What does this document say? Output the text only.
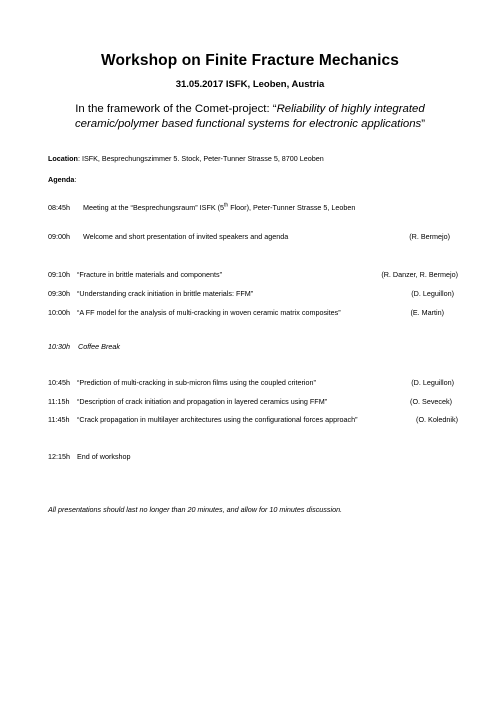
Workshop on Finite Fracture Mechanics
31.05.2017 ISFK, Leoben, Austria
In the framework of the Comet-project: “Reliability of highly integrated ceramic/polymer based functional systems for electronic applications”
Location: ISFK, Besprechungszimmer 5. Stock, Peter-Tunner Strasse 5, 8700 Leoben
Agenda:
08:45h Meeting at the “Besprechungsraum” ISFK (5th Floor), Peter-Tunner Strasse 5, Leoben
09:00h Welcome and short presentation of invited speakers and agenda	(R. Bermejo)
09:10h “Fracture in brittle materials and components”	(R. Danzer, R. Bermejo)
09:30h “Understanding crack initiation in brittle materials: FFM”	(D. Leguillon)
10:00h “A FF model for the analysis of multi-cracking in woven ceramic matrix composites”	(E. Martin)
10:30h Coffee Break
10:45h “Prediction of multi-cracking in sub-micron films using the coupled criterion”	(D. Leguillon)
11:15h “Description of crack initiation and propagation in layered ceramics using FFM”	(O. Sevecek)
11:45h “Crack propagation in multilayer architectures using the configurational forces approach”	(O. Kolednik)
12:15h End of workshop
All presentations should last no longer than 20 minutes, and allow for 10 minutes discussion.
